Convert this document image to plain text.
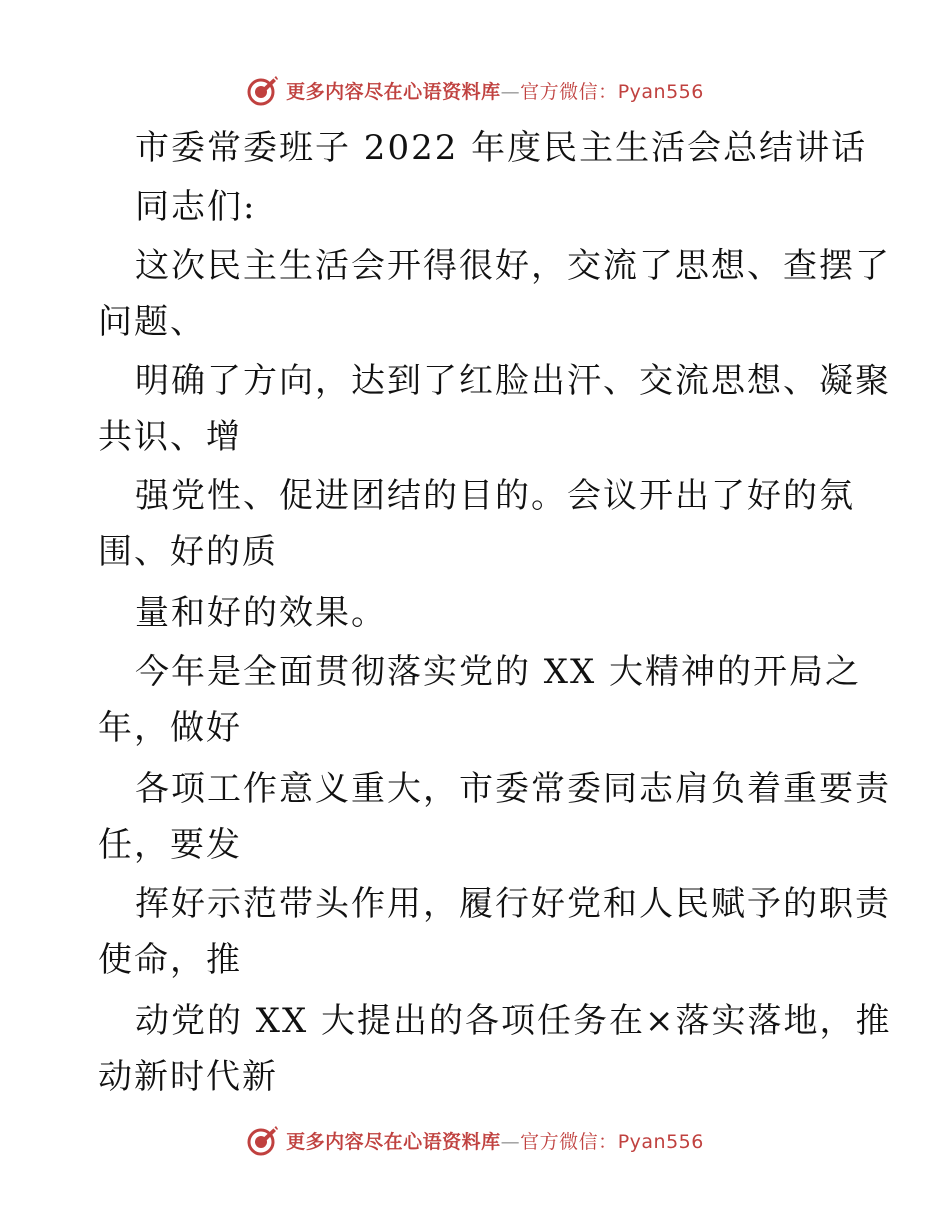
更多内容尽在心语资料库—官方微信：Pyan556
市委常委班子 2022 年度民主生活会总结讲话
同志们:
这次民主生活会开得很好，交流了思想、查摆了
问题、
明确了方向，达到了红脸出汗、交流思想、凝聚
共识、增
强党性、促进团结的目的。会议开出了好的氛
围、好的质
量和好的效果。
今年是全面贯彻落实党的 XX 大精神的开局之
年，做好
各项工作意义重大，市委常委同志肩负着重要责
任，要发
挥好示范带头作用，履行好党和人民赋予的职责
使命，推
动党的 XX 大提出的各项任务在×落实落地，推
动新时代新
更多内容尽在心语资料库—官方微信：Pyan556
